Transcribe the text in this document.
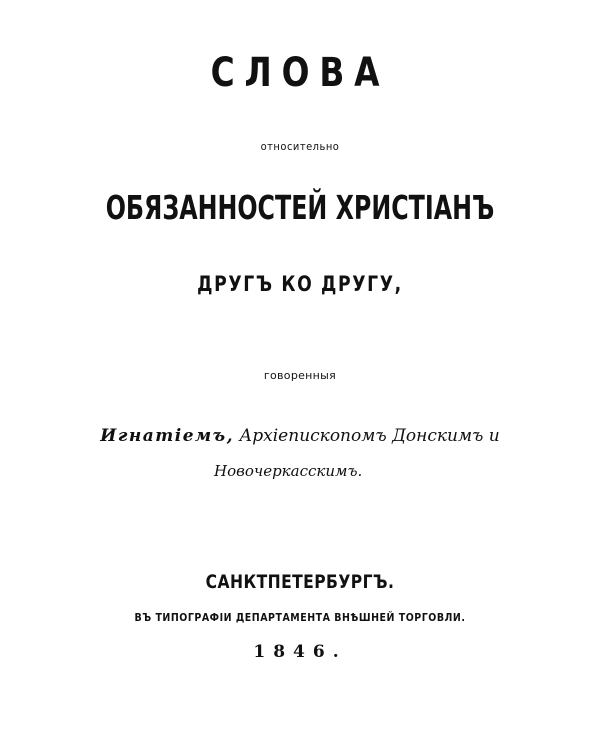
СЛОВА
относительно
ОБЯЗАННОСТЕЙ ХРИСТІАНЪ
ДРУГЪ КО ДРУГУ,
говоренныя
Игнатіемъ, Архіепископомъ Донскимъ и
Новочеркасскимъ.
САНКТПЕТЕРБУРГЪ.
ВЪ ТИПОГРАФІИ ДЕПАРТАМЕНТА ВНѢШНЕЙ ТОРГОВЛИ.
1846.
